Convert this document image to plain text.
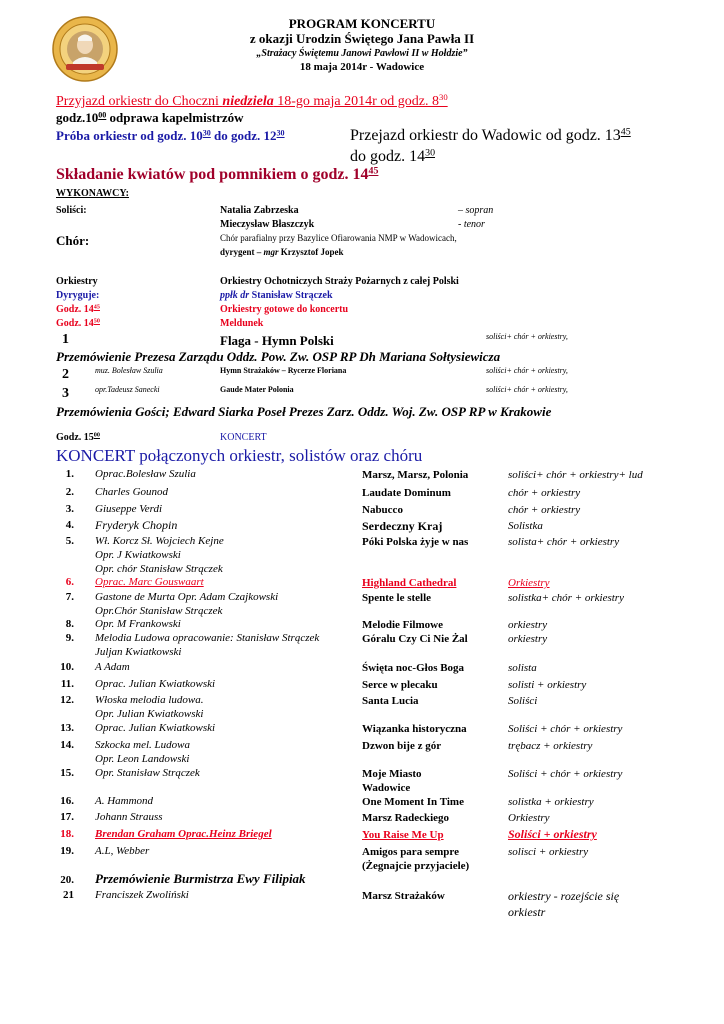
PROGRAM KONCERTU
z okazji Urodzin Świętego Jana Pawła II
„Strażacy Świętemu Janowi Pawłowi II w Hołdzie”
18 maja 2014r - Wadowice
Przyjazd orkiestr do Choczni niedziela 18-go maja 2014r od godz. $8^{30}$
$godz.10^{00}$ odprawa kapelmistrzów
Próba orkiestr od godz. $10^{30}$ do godz. $12^{30}$	Przejazd orkiestr do Wadowic od godz. $13^{45}$
do godz. $14^{30}$
Składanie kwiatów pod pomnikiem o godz. $14^{45}$
WYKONAWCY:
Soliści:	Natalia Zabrzeska	– sopran
Mieczysław Błaszczyk	- tenor
Chór:	Chór parafialny przy Bazylice Ofiarowania NMP w Wadowicach,
dyrygent – mgr Krzysztof Jopek
Orkiestry	Orkiestry Ochotniczych Straży Pożarnych z całej Polski
Dyryguje:	ppłk dr Stanisław Strączek
Godz. $14^{45}$	Orkiestry gotowe do koncertu
Godz. $14^{50}$	Meldunek
1	Flaga - Hymn Polski	soliści+ chór + orkiestry,
Przemówienie Prezesa Zarządu Oddz. Pow. Zw. OSP RP Dh Mariana Sołtysiewicza
2	muz. Bolesław Szulia	Hymn Strażaków – Rycerze Floriana	soliści+ chór + orkiestry,
3	opr.Tadeusz Sanecki	Gaude Mater Polonia	soliści+ chór + orkiestry,
Przemówienia Gości; Edward Siarka Poseł Prezes Zarz. Oddz. Woj. Zw. OSP RP w Krakowie
Godz. $15^{00}$	KONCERT
KONCERT połączonych orkiestr, solistów oraz chóru
1. Oprac.Bolesław Szulia	Marsz, Marsz, Polonia	soliści+ chór + orkiestry+ lud
2. Charles Gounod	Laudate Dominum	chór + orkiestry
3. Giuseppe Verdi	Nabucco	chór + orkiestry
4. Fryderyk Chopin	Serdeczny Kraj	Solistka
5. Wł. Korcz Sł. Wojciech Kejne
Opr. J Kwiatkowski
Opr. chór Stanisław Strączek
Póki Polska żyje w nas	solista+ chór + orkiestry
6. Oprac. Marc Gouswaart	Highland Cathedral	Orkiestry
7. Gastone de Murta Opr. Adam Czajkowski
Opr.Chór Stanisław Strączek
Spente le stelle	solistka+ chór + orkiestry
8. Opr. M Frankowski	Melodie Filmowe	orkiestry
9. Melodia Ludowa opracowanie: Stanisław Strączek
Juljan Kwiatkowski
Góralu Czy Ci Nie Żal	orkiestry
10. A Adam	Święta noc-Głos Boga	solista
11. Oprac. Julian Kwiatkowski	Serce w plecaku	solisti + orkiestry
12. Włoska melodia ludowa.
Opr. Julian Kwiatkowski
Santa Lucia	Soliści
13. Oprac. Julian Kwiatkowski	Wiązanka historyczna	Soliści + chór + orkiestry
14. Szkocka mel. Ludowa
Opr. Leon Landowski
Dzwon bije z gór	trębacz + orkiestry
15. Opr. Stanisław Strączek	Moje Miasto
Wadowice
Soliści + chór + orkiestry
16. A. Hammond	One Moment In Time	solistka + orkiestry
17. Johann Strauss	Marsz Radeckiego	Orkiestry
18. Brendan Graham Oprac.Heinz Briegel	You Raise Me Up	Soliści + orkiestry
19. A.L, Webber	Amigos para sempre
(Żegnajcie przyjaciele)
solisci + orkiestry
20. Przemówienie Burmistrza Ewy Filipiak
21 Franciszek Zwoliński	Marsz Strażaków	orkiestry - rozejście się
orkiestr
